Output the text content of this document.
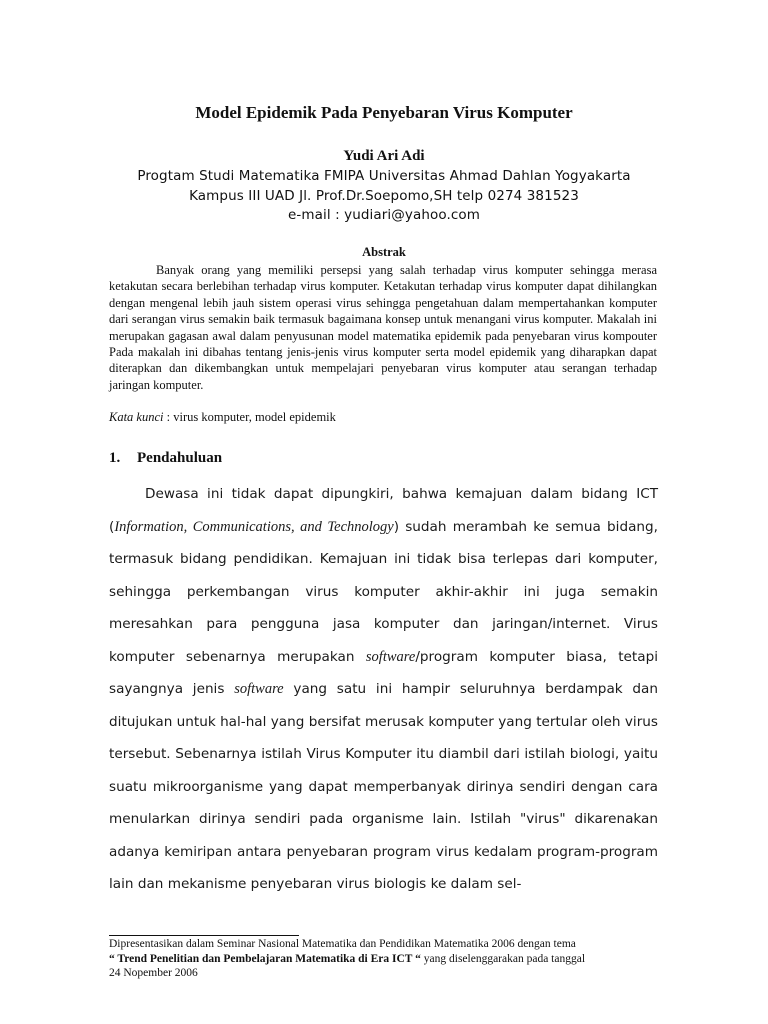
Model Epidemik Pada Penyebaran Virus Komputer
Yudi Ari Adi
Progtam Studi Matematika FMIPA Universitas Ahmad Dahlan Yogyakarta
Kampus III UAD Jl. Prof.Dr.Soepomo,SH telp 0274 381523
e-mail : yudiari@yahoo.com
Abstrak
Banyak orang yang memiliki persepsi yang salah terhadap virus komputer sehingga merasa ketakutan secara berlebihan terhadap virus komputer. Ketakutan terhadap virus komputer dapat dihilangkan dengan mengenal lebih jauh sistem operasi virus sehingga pengetahuan dalam mempertahankan komputer dari serangan virus semakin baik termasuk bagaimana konsep untuk menangani virus komputer. Makalah ini merupakan gagasan awal dalam penyusunan model matematika epidemik pada penyebaran virus kompouter Pada makalah ini dibahas tentang jenis-jenis virus komputer serta model epidemik yang diharapkan dapat diterapkan dan dikembangkan untuk mempelajari penyebaran virus komputer atau serangan terhadap jaringan komputer.
Kata kunci : virus komputer, model epidemik
1. Pendahuluan
Dewasa ini tidak dapat dipungkiri, bahwa kemajuan dalam bidang ICT (Information, Communications, and Technology) sudah merambah ke semua bidang, termasuk bidang pendidikan. Kemajuan ini tidak bisa terlepas dari komputer, sehingga perkembangan virus komputer akhir-akhir ini juga semakin meresahkan para pengguna jasa komputer dan jaringan/internet. Virus komputer sebenarnya merupakan software/program komputer biasa, tetapi sayangnya jenis software yang satu ini hampir seluruhnya berdampak dan ditujukan untuk hal-hal yang bersifat merusak komputer yang tertular oleh virus tersebut. Sebenarnya istilah Virus Komputer itu diambil dari istilah biologi, yaitu suatu mikroorganisme yang dapat memperbanyak dirinya sendiri dengan cara menularkan dirinya sendiri pada organisme lain. Istilah "virus" dikarenakan adanya kemiripan antara penyebaran program virus kedalam program-program lain dan mekanisme penyebaran virus biologis ke dalam sel-
Dipresentasikan dalam Seminar Nasional Matematika dan Pendidikan Matematika 2006 dengan tema
“ Trend Penelitian dan Pembelajaran Matematika di Era ICT “ yang diselenggarakan pada tanggal
24 Nopember 2006
